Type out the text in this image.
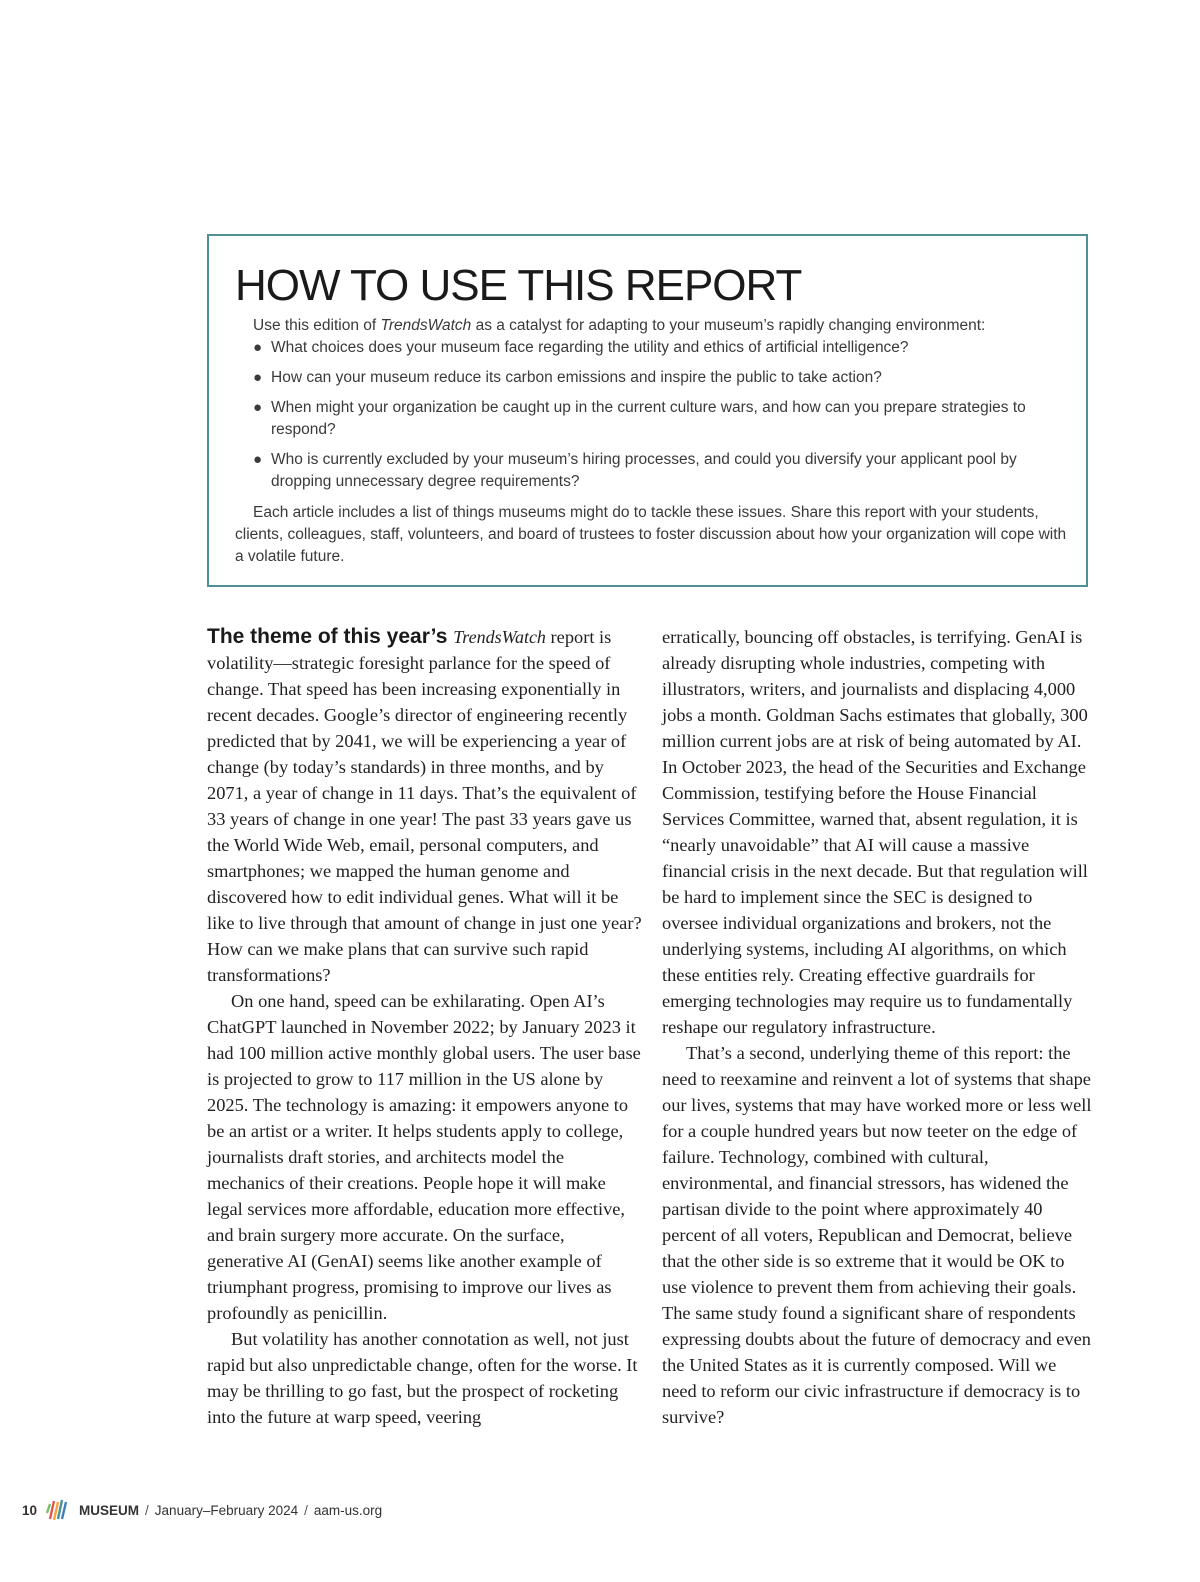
HOW TO USE THIS REPORT

Use this edition of TrendsWatch as a catalyst for adapting to your museum’s rapidly changing environment:

● What choices does your museum face regarding the utility and ethics of artificial intelligence?
● How can your museum reduce its carbon emissions and inspire the public to take action?
● When might your organization be caught up in the current culture wars, and how can you prepare strategies to respond?
● Who is currently excluded by your museum’s hiring processes, and could you diversify your applicant pool by dropping unnecessary degree requirements?

Each article includes a list of things museums might do to tackle these issues. Share this report with your students, clients, colleagues, staff, volunteers, and board of trustees to foster discussion about how your organization will cope with a volatile future.

The theme of this year’s TrendsWatch report is volatility—strategic foresight parlance for the speed of change. That speed has been increasing exponentially in recent decades. Google’s director of engineering recently predicted that by 2041, we will be experiencing a year of change (by today’s standards) in three months, and by 2071, a year of change in 11 days. That’s the equivalent of 33 years of change in one year! The past 33 years gave us the World Wide Web, email, personal computers, and smartphones; we mapped the human genome and discovered how to edit individual genes. What will it be like to live through that amount of change in just one year? How can we make plans that can survive such rapid transformations?

On one hand, speed can be exhilarating. Open AI’s ChatGPT launched in November 2022; by January 2023 it had 100 million active monthly global users. The user base is projected to grow to 117 million in the US alone by 2025. The technology is amazing: it empowers anyone to be an artist or a writer. It helps students apply to college, journalists draft stories, and architects model the mechanics of their creations. People hope it will make legal services more affordable, education more effective, and brain surgery more accurate. On the surface, generative AI (GenAI) seems like another example of triumphant progress, promising to improve our lives as profoundly as penicillin.

But volatility has another connotation as well, not just rapid but also unpredictable change, often for the worse. It may be thrilling to go fast, but the prospect of rocketing into the future at warp speed, veering

erratically, bouncing off obstacles, is terrifying. GenAI is already disrupting whole industries, competing with illustrators, writers, and journalists and displacing 4,000 jobs a month. Goldman Sachs estimates that globally, 300 million current jobs are at risk of being automated by AI. In October 2023, the head of the Securities and Exchange Commission, testifying before the House Financial Services Committee, warned that, absent regulation, it is “nearly unavoidable” that AI will cause a massive financial crisis in the next decade. But that regulation will be hard to implement since the SEC is designed to oversee individual organizations and brokers, not the underlying systems, including AI algorithms, on which these entities rely. Creating effective guardrails for emerging technologies may require us to fundamentally reshape our regulatory infrastructure.

That’s a second, underlying theme of this report: the need to reexamine and reinvent a lot of systems that shape our lives, systems that may have worked more or less well for a couple hundred years but now teeter on the edge of failure. Technology, combined with cultural, environmental, and financial stressors, has widened the partisan divide to the point where approximately 40 percent of all voters, Republican and Democrat, believe that the other side is so extreme that it would be OK to use violence to prevent them from achieving their goals. The same study found a significant share of respondents expressing doubts about the future of democracy and even the United States as it is currently composed. Will we need to reform our civic infrastructure if democracy is to survive?

10	MUSEUM / January–February 2024 / aam-us.org
